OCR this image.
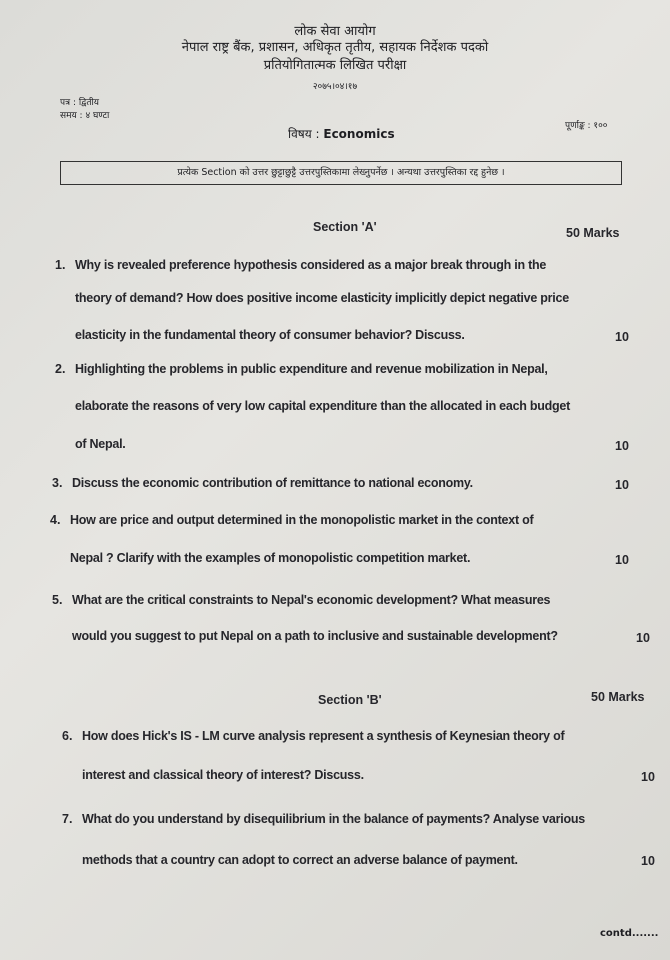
लोक सेवा आयोग
नेपाल राष्ट्र बैंक, प्रशासन, अधिकृत तृतीय, सहायक निर्देशक पदको
प्रतियोगितात्मक लिखित परीक्षा
२०७५।०४।१७
पत्र : द्वितीय
समय : ४ घण्टा
पूर्णाङ्क : १००
विषय : Economics
प्रत्येक Section को उत्तर छुट्टाछुट्टै उत्तरपुस्तिकामा लेख्नुपर्नेछ । अन्यथा उत्तरपुस्तिका रद्द हुनेछ ।
Section 'A'	50 Marks
1. Why is revealed preference hypothesis considered as a major break through in the
theory of demand? How does positive income elasticity implicitly depict negative price
elasticity in the fundamental theory of consumer behavior? Discuss.	10
2. Highlighting the problems in public expenditure and revenue mobilization in Nepal,
elaborate the reasons of very low capital expenditure than the allocated in each budget
of Nepal.	10
3. Discuss the economic contribution of remittance to national economy.	10
4. How are price and output determined in the monopolistic market in the context of
Nepal ? Clarify with the examples of monopolistic competition market.	10
5. What are the critical constraints to Nepal's economic development? What measures
would you suggest to put Nepal on a path to inclusive and sustainable development?	10
Section 'B'	50 Marks
6. How does Hick's IS - LM curve analysis represent a synthesis of Keynesian theory of
interest and classical theory of interest? Discuss.	10
7. What do you understand by disequilibrium in the balance of payments? Analyse various
methods that a country can adopt to correct an adverse balance of payment.	10
contd.......
